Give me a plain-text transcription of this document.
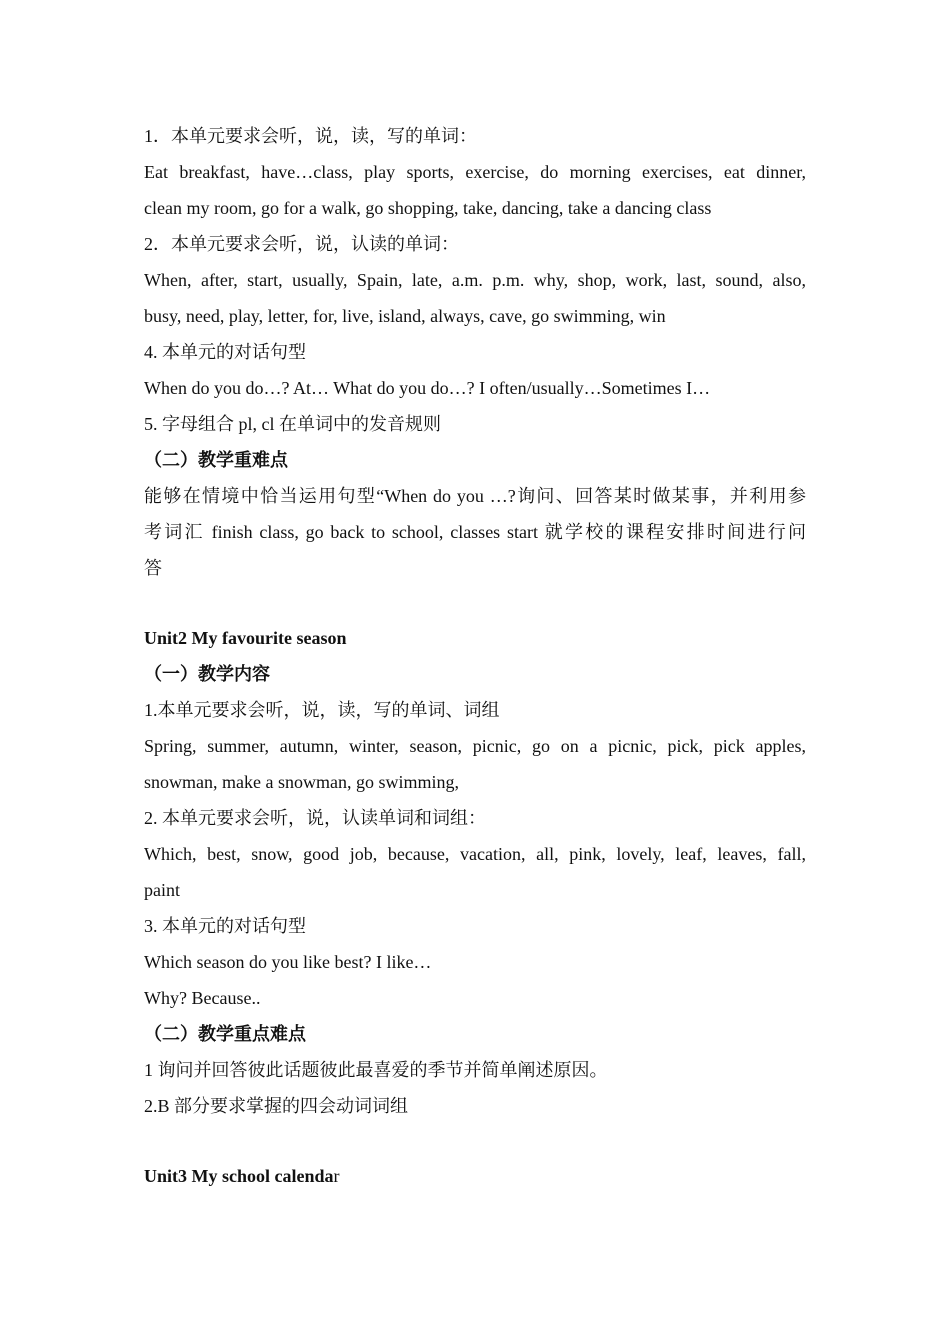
1．本单元要求会听，说，读，写的单词：
Eat breakfast, have…class, play sports, exercise, do morning exercises, eat dinner,
clean my room, go for a walk, go shopping, take, dancing, take a dancing class
2．本单元要求会听，说，认读的单词：
When, after, start, usually, Spain, late, a.m. p.m. why, shop, work, last, sound, also,
busy, need, play, letter, for, live, island, always, cave, go swimming, win
4. 本单元的对话句型
When do you do…? At… What do you do…? I often/usually…Sometimes I…
5. 字母组合 pl, cl 在单词中的发音规则
（二）教学重难点
能够在情境中恰当运用句型“When do you …?询问、回答某时做某事，并利用参
考词汇 finish class, go back to school, classes start 就学校的课程安排时间进行问
答
Unit2 My favourite season
（一）教学内容
1.本单元要求会听，说，读，写的单词、词组
Spring, summer, autumn, winter, season, picnic, go on a picnic, pick, pick apples,
snowman, make a snowman, go swimming,
2. 本单元要求会听，说，认读单词和词组：
Which, best, snow, good job, because, vacation, all, pink, lovely, leaf, leaves, fall,
paint
3. 本单元的对话句型
Which season do you like best? I like…
Why? Because..
（二）教学重点难点
1 询问并回答彼此话题彼此最喜爱的季节并简单阐述原因。
2.B 部分要求掌握的四会动词词组
Unit3 My school calendar
